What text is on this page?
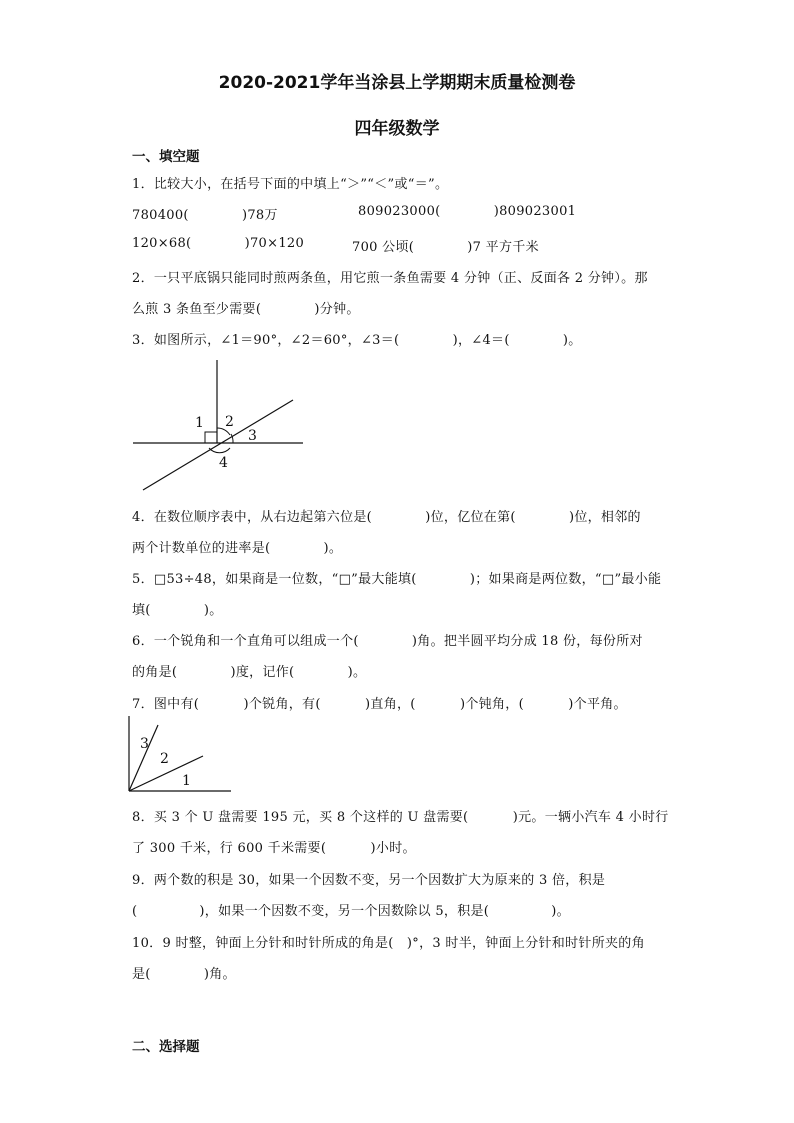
2020-2021学年当涂县上学期期末质量检测卷
四年级数学
一、填空题
1．比较大小，在括号下面的中填上“＞”“＜”或“＝”。
780400(            )78万	809023000(            )809023001
120×68(            )70×120	700 公顷(            )7 平方千米
2．一只平底锅只能同时煎两条鱼，用它煎一条鱼需要 4 分钟（正、反面各 2 分钟）。那
么煎 3 条鱼至少需要(            )分钟。
3．如图所示，∠1＝90°，∠2＝60°，∠3＝(            )，∠4＝(            )。
1 2
3
4
4．在数位顺序表中，从右边起第六位是(            )位，亿位在第(            )位，相邻的
两个计数单位的进率是(            )。
5．□53÷48，如果商是一位数，“□”最大能填(            )；如果商是两位数，“□”最小能
填(            )。
6．一个锐角和一个直角可以组成一个(            )角。把半圆平均分成 18 份，每份所对
的角是(            )度，记作(            )。
7．图中有(          )个锐角，有(          )直角，(          )个钝角，(          )个平角。
3
2
1
8．买 3 个 U 盘需要 195 元，买 8 个这样的 U 盘需要(          )元。一辆小汽车 4 小时行
了 300 千米，行 600 千米需要(          )小时。
9．两个数的积是 30，如果一个因数不变，另一个因数扩大为原来的 3 倍，积是
(              )，如果一个因数不变，另一个因数除以 5，积是(              )。
10．9 时整，钟面上分针和时针所成的角是(   )°，3 时半，钟面上分针和时针所夹的角
是(            )角。
二、选择题
